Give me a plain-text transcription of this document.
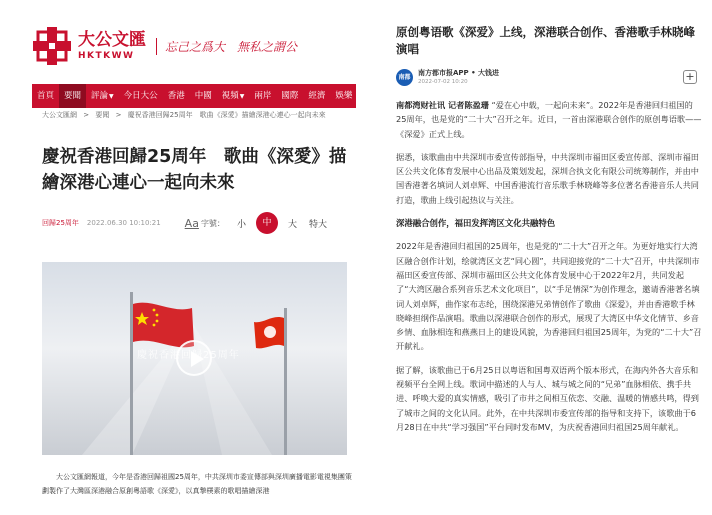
大公文匯
HKTKWW
忘己之爲大　無私之謂公
首頁	要聞	評論▼	今日大公	香港	中國	視頻▼	兩岸	國際	經濟	娛樂
大公文匯網 > 要聞 > 慶祝香港回歸25周年　歌曲《深愛》描繪深港心連心一起向未來
慶祝香港回歸25周年　歌曲《深愛》描繪深港心連心一起向未來
回歸25周年 2022.06.30 10:10:21 Aa 字號： 小	中	大 特大
慶祝香港回歸25周年

大公文匯網報道，今年是香港回歸祖國25周年，中共深圳市委宣傳部與深圳廣播電影電視集團策劃製作了大灣區深港融合原創粵語歌《深愛》，以真摯樸素的歌唱描繪深港

原创粤语歌《深爱》上线，深港联合创作、香港歌手林晓峰演唱
南都
南方都市报APP • 大钱进
2022-07-02 10:20	+

南都湾财社讯 记者陈盈珊 “爱在心中载，一起向未来”。2022年是香港回归祖国的25周年，也是党的“二十大”召开之年。近日，一首由深港联合创作的原创粤语歌——《深爱》正式上线。

据悉，该歌曲由中共深圳市委宣传部指导，中共深圳市福田区委宣传部、深圳市福田区公共文化体育发展中心出品及策划发起，深圳合执文化有限公司统筹制作，并由中国香港著名填词人刘卓辉、中国香港流行音乐歌手林晓峰等多位著名香港音乐人共同打造，歌曲上线引起热议与关注。

深港融合创作，福田发挥湾区文化共融特色

2022年是香港回归祖国的25周年，也是党的“二十大”召开之年。为更好地实行大湾区融合创作计划，绘就湾区文艺“同心圆”，共同迎接党的“二十大”召开，中共深圳市福田区委宣传部、深圳市福田区公共文化体育发展中心于2022年2月，共同发起了“大湾区融合系列音乐艺术文化项目”，以“手足情深”为创作理念，邀请香港著名填词人刘卓辉，曲作家布志纶，围绕深港兄弟情创作了歌曲《深爱》，并由香港歌手林晓峰担纲作品演唱。歌曲以深港联合创作的形式，展现了大湾区中华文化情节、乡音乡情、血脉相连和燕燕日上的建设风貌，为香港回归祖国25周年，为党的“二十大”召开献礼。

据了解，该歌曲已于6月25日以粤语和国粤双语两个版本形式，在海内外各大音乐和视频平台全网上线。歌词中描述的人与人、城与城之间的“兄弟”血脉相依、携手共进、呼唤大爱的真实情感，吸引了市井之间相互依恋、交融、温暖的情感共鸣，得到了城市之间的文化认同。此外，在中共深圳市委宣传部的指导和支持下，该歌曲于6月28日在中共“学习强国”平台同时发布MV，为庆祝香港回归祖国25周年献礼。
